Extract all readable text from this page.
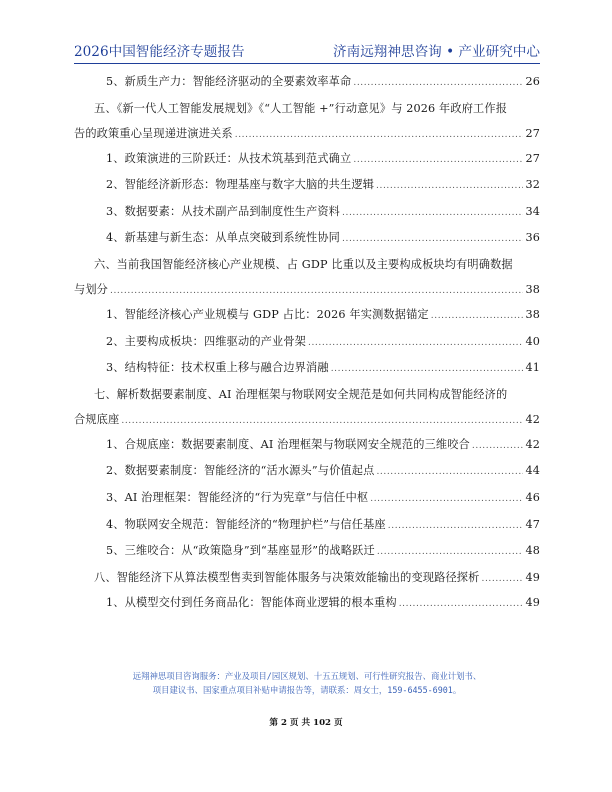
2026中国智能经济专题报告	济南远翔神思咨询 • 产业研究中心
5、新质生产力：智能经济驱动的全要素效率革命 .....	26
五、《新一代人工智能发展规划》《“人工智能 +”行动意见》与 2026 年政府工作报
告的政策重心呈现递进演进关系 .....	27
1、政策演进的三阶跃迁：从技术筑基到范式确立 .....	27
2、智能经济新形态：物理基座与数字大脑的共生逻辑 .....	32
3、数据要素：从技术副产品到制度性生产资料 .....	34
4、新基建与新生态：从单点突破到系统性协同 .....	36
六、当前我国智能经济核心产业规模、占 GDP 比重以及主要构成板块均有明确数据
与划分 .....	38
1、智能经济核心产业规模与 GDP 占比：2026 年实测数据锚定 .....	38
2、主要构成板块：四维驱动的产业骨架 .....	40
3、结构特征：技术权重上移与融合边界消融 .....	41
七、解析数据要素制度、AI 治理框架与物联网安全规范是如何共同构成智能经济的
合规底座 .....	42
1、合规底座：数据要素制度、AI 治理框架与物联网安全规范的三维咬合 .....	42
2、数据要素制度：智能经济的“活水源头”与价值起点 .....	44
3、AI 治理框架：智能经济的“行为宪章”与信任中枢 .....	46
4、物联网安全规范：智能经济的“物理护栏”与信任基座 .....	47
5、三维咬合：从“政策隐身”到“基座显形”的战略跃迁 .....	48
八、智能经济下从算法模型售卖到智能体服务与决策效能输出的变现路径探析 .....	49
1、从模型交付到任务商品化：智能体商业逻辑的根本重构 .....	49
远翔神思项目咨询服务：产业及项目/园区规划、十五五规划、可行性研究报告、商业计划书、
项目建议书、国家重点项目补贴申请报告等，请联系：周女士，159-6455-6901。
第 2 页 共 102 页
